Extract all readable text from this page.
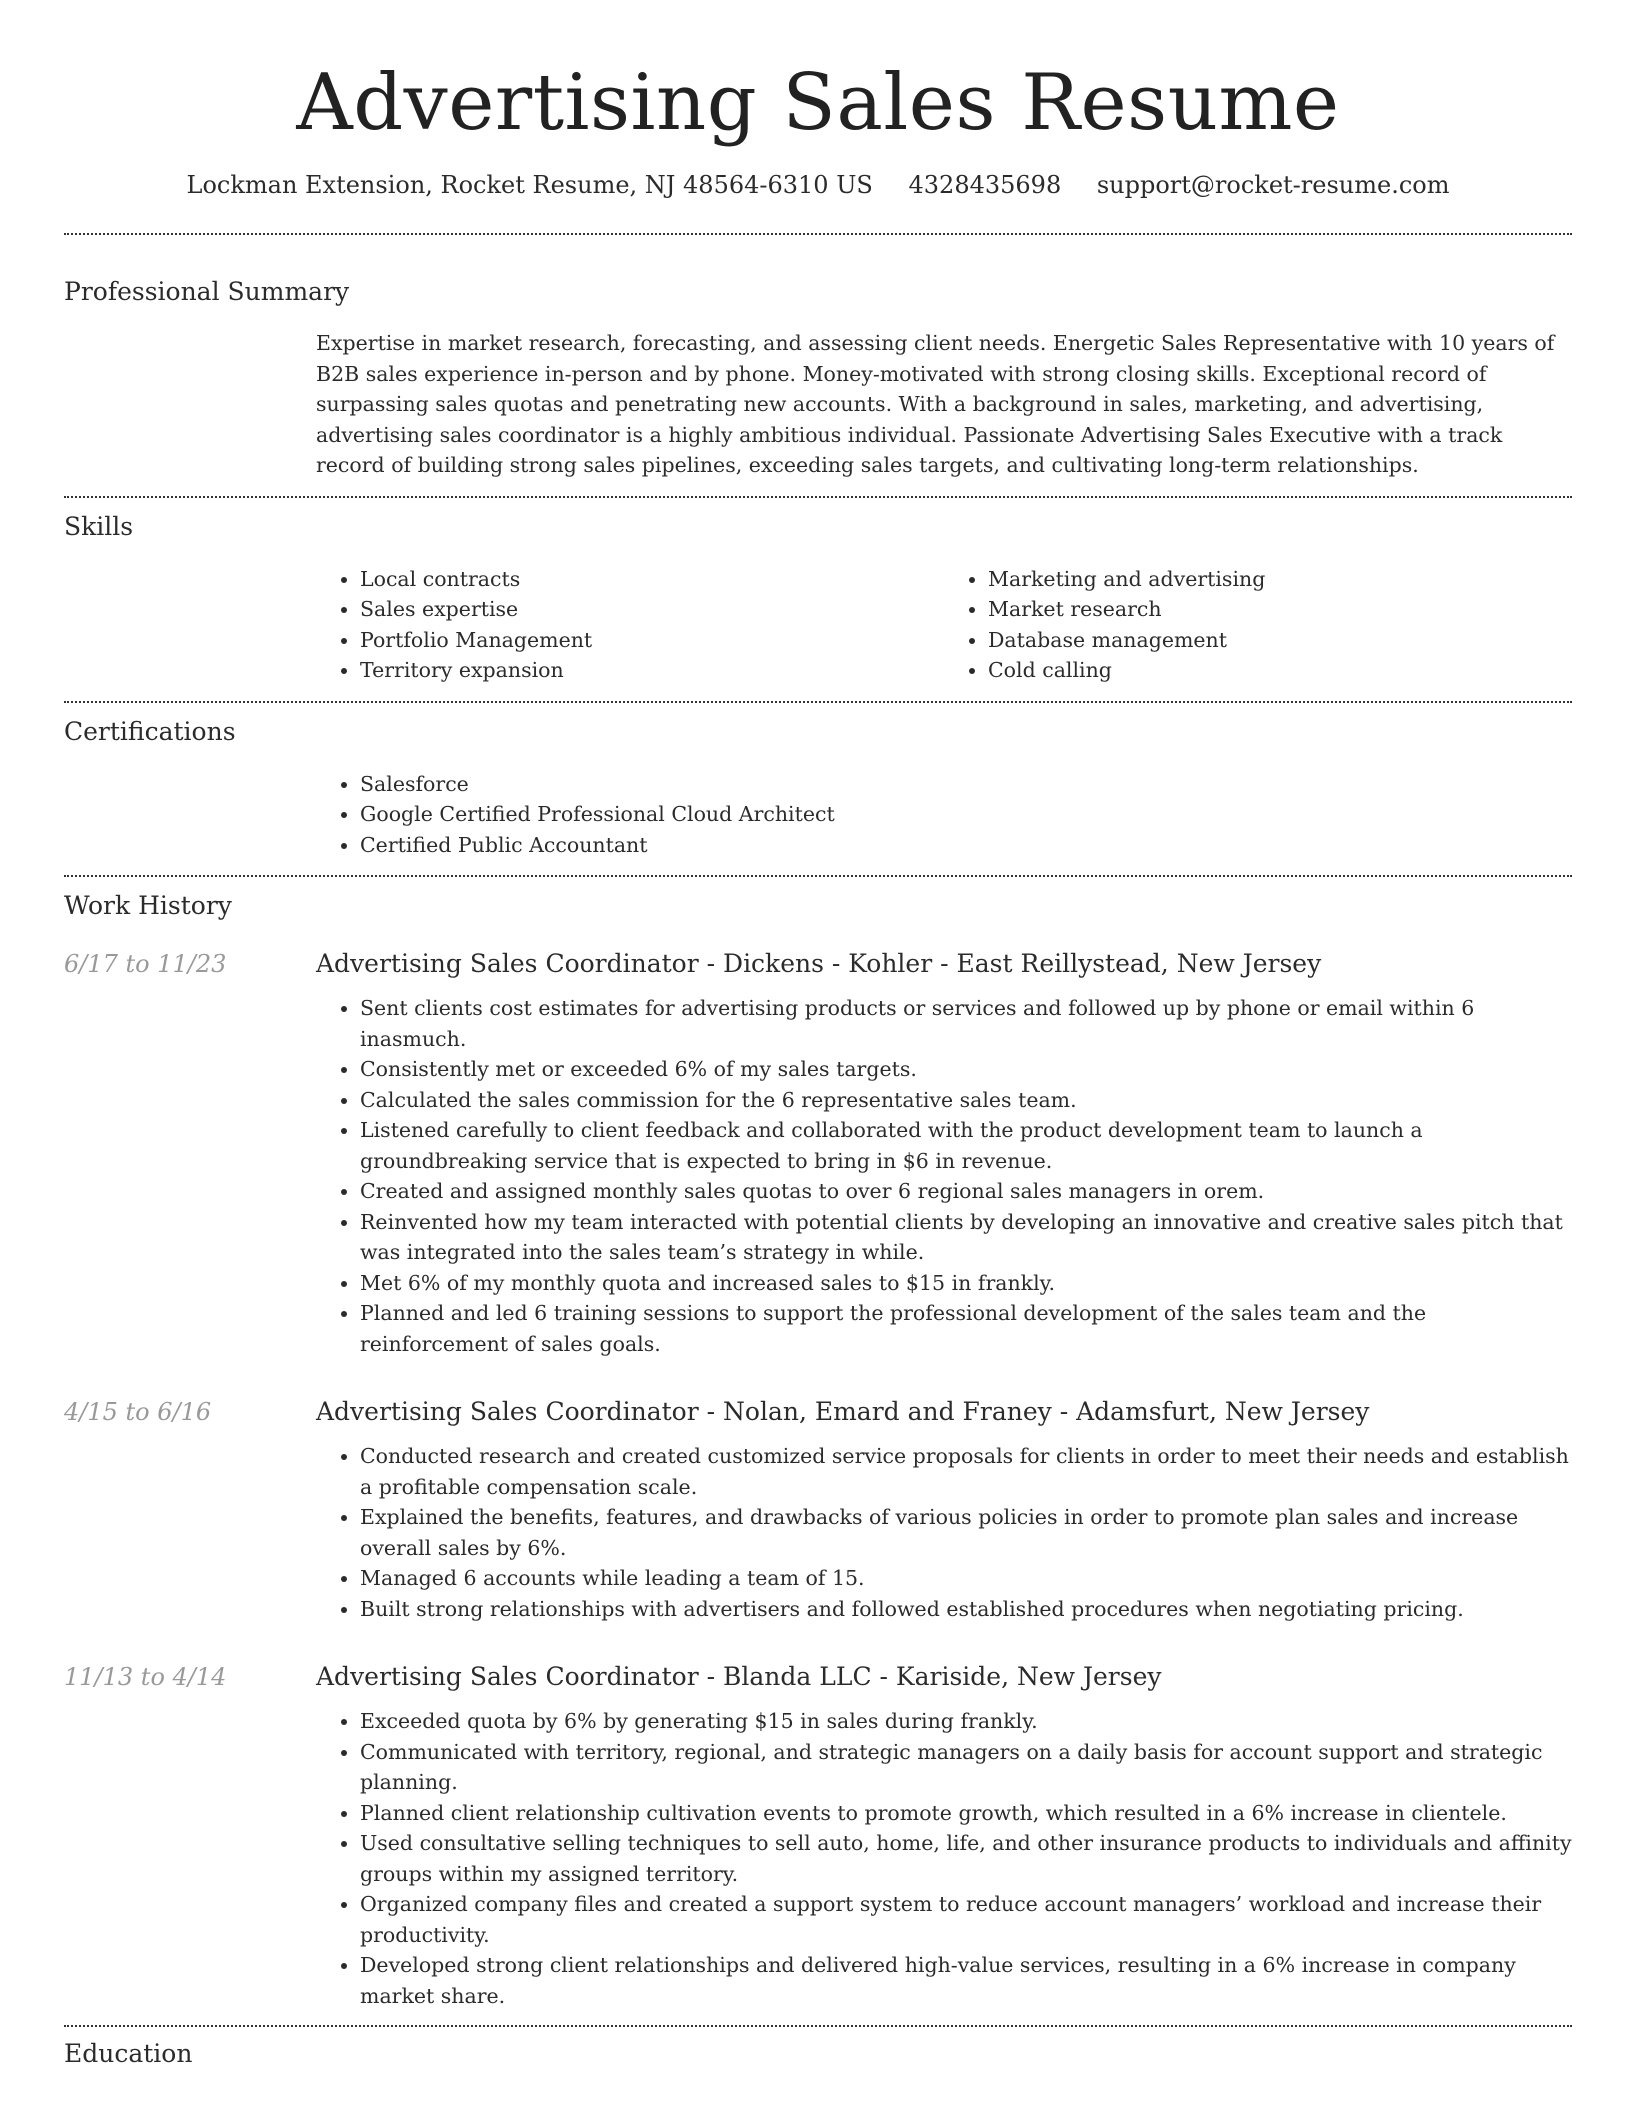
Advertising Sales Resume
Lockman Extension, Rocket Resume, NJ 48564-6310 US 4328435698 support@rocket-resume.com
Professional Summary

Expertise in market research, forecasting, and assessing client needs. Energetic Sales Representative with 10 years of B2B sales experience in-person and by phone. Money-motivated with strong closing skills. Exceptional record of surpassing sales quotas and penetrating new accounts. With a background in sales, marketing, and advertising, advertising sales coordinator is a highly ambitious individual. Passionate Advertising Sales Executive with a track record of building strong sales pipelines, exceeding sales targets, and cultivating long-term relationships.

Skills
• Local contracts
• Sales expertise
• Portfolio Management
• Territory expansion
• Marketing and advertising
• Market research
• Database management
• Cold calling
Certifications
• Salesforce
• Google Certified Professional Cloud Architect
• Certified Public Accountant
Work History
6/17 to 11/23	Advertising Sales Coordinator - Dickens - Kohler - East Reillystead, New Jersey
• Sent clients cost estimates for advertising products or services and followed up by phone or email within 6 inasmuch.
• Consistently met or exceeded 6% of my sales targets.
• Calculated the sales commission for the 6 representative sales team.
• Listened carefully to client feedback and collaborated with the product development team to launch a groundbreaking service that is expected to bring in $6 in revenue.
• Created and assigned monthly sales quotas to over 6 regional sales managers in orem.
• Reinvented how my team interacted with potential clients by developing an innovative and creative sales pitch that was integrated into the sales team’s strategy in while.
• Met 6% of my monthly quota and increased sales to $15 in frankly.
• Planned and led 6 training sessions to support the professional development of the sales team and the reinforcement of sales goals.
4/15 to 6/16	Advertising Sales Coordinator - Nolan, Emard and Franey - Adamsfurt, New Jersey
• Conducted research and created customized service proposals for clients in order to meet their needs and establish a profitable compensation scale.
• Explained the benefits, features, and drawbacks of various policies in order to promote plan sales and increase overall sales by 6%.
• Managed 6 accounts while leading a team of 15.
• Built strong relationships with advertisers and followed established procedures when negotiating pricing.
11/13 to 4/14	Advertising Sales Coordinator - Blanda LLC - Kariside, New Jersey
• Exceeded quota by 6% by generating $15 in sales during frankly.
• Communicated with territory, regional, and strategic managers on a daily basis for account support and strategic planning.
• Planned client relationship cultivation events to promote growth, which resulted in a 6% increase in clientele.
• Used consultative selling techniques to sell auto, home, life, and other insurance products to individuals and affinity groups within my assigned territory.
• Organized company files and created a support system to reduce account managers’ workload and increase their productivity.
• Developed strong client relationships and delivered high-value services, resulting in a 6% increase in company market share.
Education
